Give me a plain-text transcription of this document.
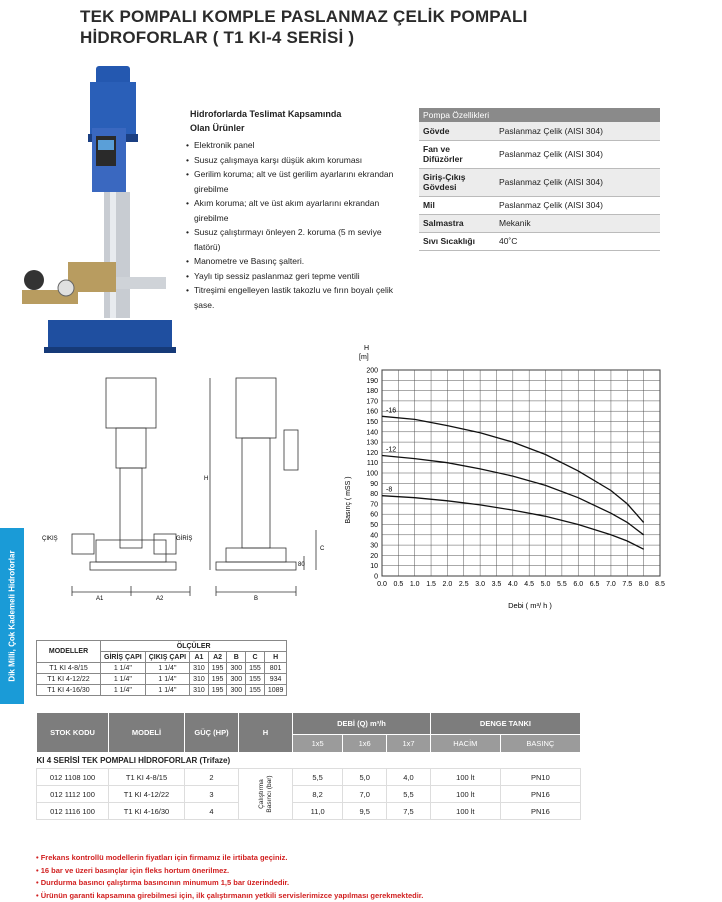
TEK POMPALI KOMPLE PASLANMAZ ÇELİK POMPALI
HİDROFORLAR ( T1 KI-4 SERİSİ )
Dik Milli, Çok Kademeli Hidroforlar
Hidroforlarda Teslimat Kapsamında
Olan Ürünler
• Elektronik panel
• Susuz çalışmaya karşı düşük akım koruması
• Gerilim koruma; alt ve üst gerilim ayarlarını ekrandan girebilme
• Akım koruma; alt ve üst akım ayarlarını ekrandan girebilme
• Susuz çalıştırmayı önleyen 2. koruma (5 m seviye flatörü)
• Manometre ve Basınç şalteri.
• Yaylı tip sessiz paslanmaz geri tepme ventili
• Titreşimi engelleyen lastik takozlu ve fırın boyalı çelik şase.
Pompa Özellikleri	
Gövde	Paslanmaz Çelik (AISI 304)
Fan ve Difüzörler	Paslanmaz Çelik (AISI 304)
Giriş-Çıkış Gövdesi	Paslanmaz Çelik (AISI 304)
Mil	Paslanmaz Çelik (AISI 304)
Salmastra	Mekanik
Sıvı Sıcaklığı	40˚C
ÇIKIŞ	GİRİŞ
A1	A2	B
C
H
80
0
10
20
30
40
50
60
70
80
90
100
110
120
130
140
150
160
170
180
190
200
0.0 0.5 1.0 1.5 2.0 2.5 3.0 3.5 4.0 4.5 5.0 5.5 6.0 6.5 7.0 7.5 8.0 8.5
-16
-12
-8
H
[m]
Basınç ( mSS )
Debi ( m³/ h )
MODELLER	ÖLÇÜLER						
	GİRİŞ ÇAPI	ÇIKIŞ ÇAPI	A1	A2	B	C	H
T1 KI 4-8/15	1 1/4"	1 1/4"	310	195	300	155	801
T1 KI 4-12/22	1 1/4"	1 1/4"	310	195	300	155	934
T1 KI 4-16/30	1 1/4"	1 1/4"	310	195	300	155	1089
STOK KODU	MODELİ	GÜÇ (HP)	H	DEBİ (Q) m³/h			DENGE TANKI	
				1x5	1x6	1x7	HACİM	BASINÇ
KI 4 SERİSİ TEK POMPALI HİDROFORLAR (Trifaze)								
012 1108 100	T1 KI 4-8/15	2	Çalıştırma Basıncı (bar)	5,5	5,0	4,0	100 lt	PN10
012 1112 100	T1 KI 4-12/22	3		8,2	7,0	5,5	100 lt	PN16
012 1116 100	T1 KI 4-16/30	4		11,0	9,5	7,5	100 lt	PN16
• Frekans kontrollü modellerin fiyatları için firmamız ile irtibata geçiniz.
• 16 bar ve üzeri basınçlar için fleks hortum önerilmez.
• Durdurma basıncı çalıştırma basıncının minumum 1,5 bar üzerindedir.
• Ürünün garanti kapsamına girebilmesi için, ilk çalıştırmanın yetkili servislerimizce yapılması gerekmektedir.
